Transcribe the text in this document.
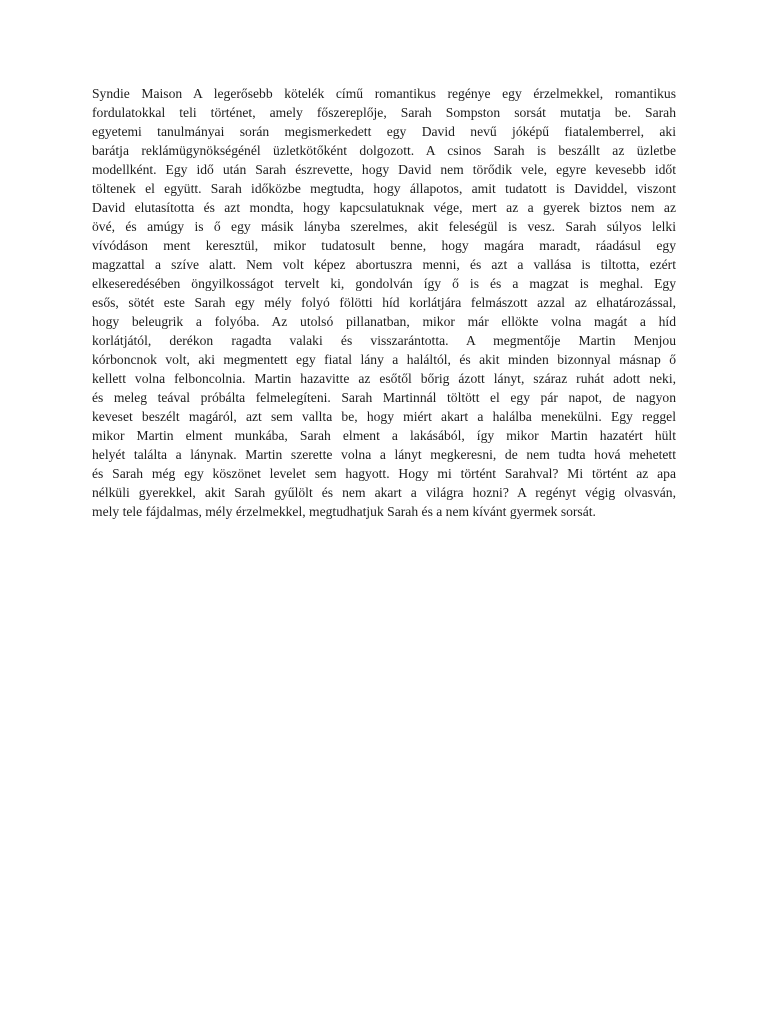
Syndie Maison A legerősebb kötelék című romantikus regénye egy érzelmekkel, romantikus
fordulatokkal teli történet, amely főszereplője, Sarah Sompston sorsát mutatja be. Sarah
egyetemi tanulmányai során megismerkedett egy David nevű jóképű fiatalemberrel, aki
barátja reklámügynökségénél üzletkötőként dolgozott. A csinos Sarah is beszállt az üzletbe
modellként. Egy idő után Sarah észrevette, hogy David nem törődik vele, egyre kevesebb időt
töltenek el együtt. Sarah időközbe megtudta, hogy állapotos, amit tudatott is Daviddel, viszont
David elutasította és azt mondta, hogy kapcsulatuknak vége, mert az a gyerek biztos nem az
övé, és amúgy is ő egy másik lányba szerelmes, akit feleségül is vesz. Sarah súlyos lelki
vívódáson ment keresztül, mikor tudatosult benne, hogy magára maradt, ráadásul egy
magzattal a szíve alatt. Nem volt képez abortuszra menni, és azt a vallása is tiltotta, ezért
elkeseredésében öngyilkosságot tervelt ki, gondolván így ő is és a magzat is meghal. Egy
esős, sötét este Sarah egy mély folyó fölötti híd korlátjára felmászott azzal az elhatározással,
hogy beleugrik a folyóba. Az utolsó pillanatban, mikor már ellökte volna magát a híd
korlátjától, derékon ragadta valaki és visszarántotta. A megmentője Martin Menjou
kórboncnok volt, aki megmentett egy fiatal lány a haláltól, és akit minden bizonnyal másnap ő
kellett volna felboncolnia. Martin hazavitte az esőtől bőrig ázott lányt, száraz ruhát adott neki,
és meleg teával próbálta felmelegíteni. Sarah Martinnál töltött el egy pár napot, de nagyon
keveset beszélt magáról, azt sem vallta be, hogy miért akart a halálba menekülni. Egy reggel
mikor Martin elment munkába, Sarah elment a lakásából, így mikor Martin hazatért hült
helyét találta a lánynak. Martin szerette volna a lányt megkeresni, de nem tudta hová mehetett
és Sarah még egy köszönet levelet sem hagyott. Hogy mi történt Sarahval? Mi történt az apa
nélküli gyerekkel, akit Sarah gyűlölt és nem akart a világra hozni? A regényt végig olvasván,
mely tele fájdalmas, mély érzelmekkel, megtudhatjuk Sarah és a nem kívánt gyermek sorsát.
